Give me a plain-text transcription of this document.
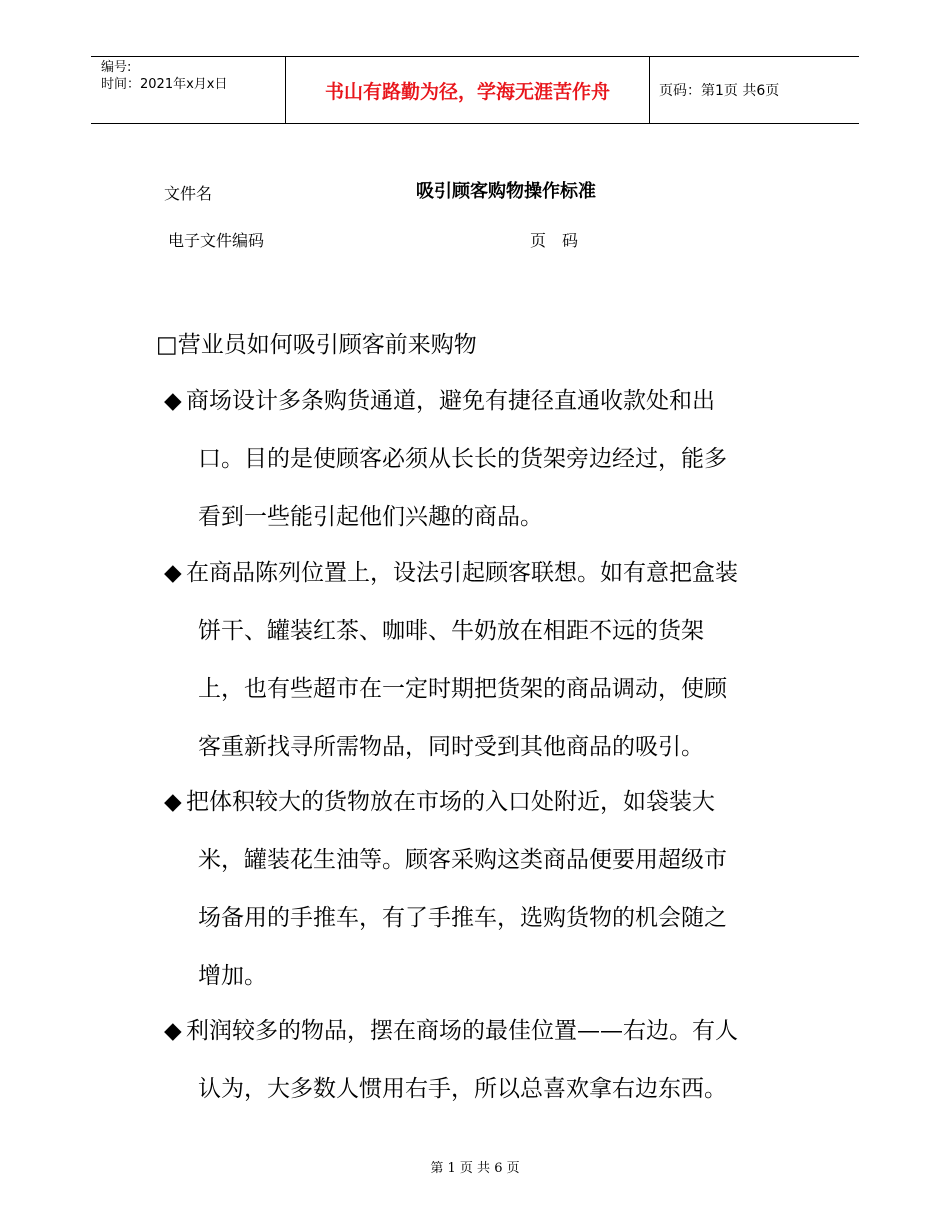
编号:
时间：2021年x月x日	书山有路勤为径，学海无涯苦作舟	页码：第1页 共6页
文件名	吸引顾客购物操作标准
电子文件编码	页　码
□营业员如何吸引顾客前来购物
◆ 商场设计多条购货通道，避免有捷径直通收款处和出
口。目的是使顾客必须从长长的货架旁边经过，能多
看到一些能引起他们兴趣的商品。
◆ 在商品陈列位置上，设法引起顾客联想。如有意把盒装
饼干、罐装红茶、咖啡、牛奶放在相距不远的货架
上，也有些超市在一定时期把货架的商品调动，使顾
客重新找寻所需物品，同时受到其他商品的吸引。
◆ 把体积较大的货物放在市场的入口处附近，如袋装大
米，罐装花生油等。顾客采购这类商品便要用超级市
场备用的手推车，有了手推车，选购货物的机会随之
增加。
◆ 利润较多的物品，摆在商场的最佳位置——右边。有人
认为，大多数人惯用右手，所以总喜欢拿右边东西。
第 1 页 共 6 页
